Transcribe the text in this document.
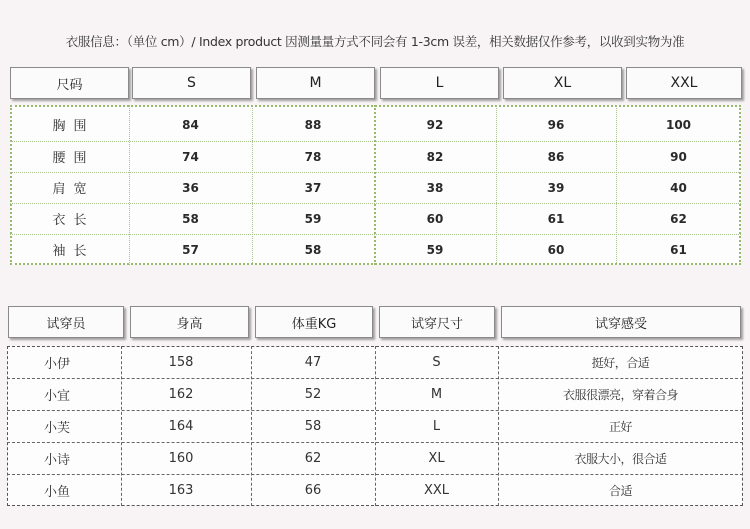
衣服信息：（单位 cm）/ Index product 因测量量方式不同会有 1-3cm 误差，相关数据仅作参考，以收到实物为准
尺码	S	M	L	XL	XXL
胸围	84	88	92	96	100
腰围	74	78	82	86	90
肩宽	36	37	38	39	40
衣长	58	59	60	61	62
袖长	57	58	59	60	61
试穿员	身高	体重KG	试穿尺寸	试穿感受
小伊	158	47	S	挺好，合适
小宜	162	52	M	衣服很漂亮，穿着合身
小芙	164	58	L	正好
小诗	160	62	XL	衣服大小，很合适
小鱼	163	66	XXL	合适
